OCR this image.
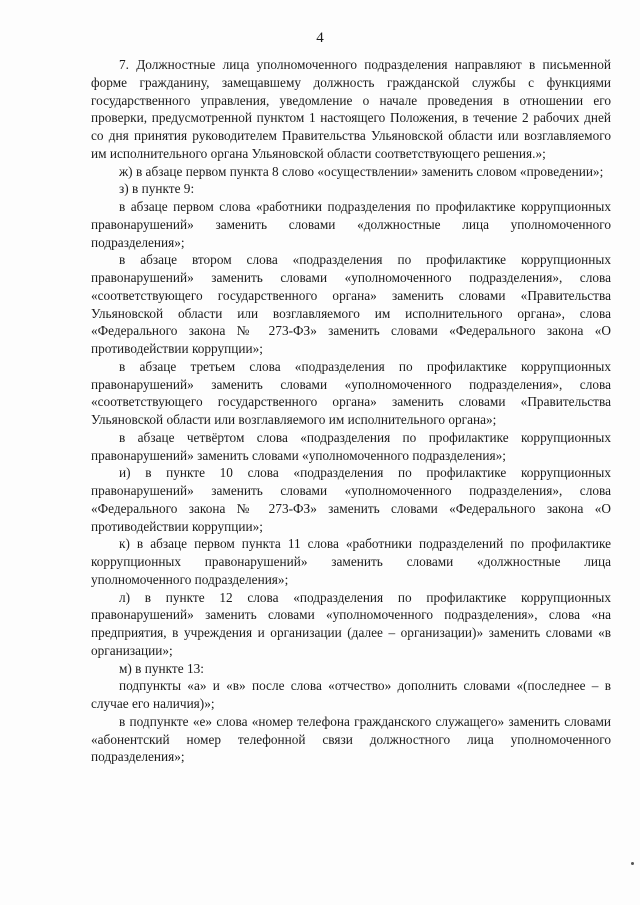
4

7. Должностные лица уполномоченного подразделения направляют в письменной форме гражданину, замещавшему должность гражданской службы с функциями государственного управления, уведомление о начале проведения в отношении его проверки, предусмотренной пунктом 1 настоящего Положения, в течение 2 рабочих дней со дня принятия руководителем Правительства Ульяновской области или возглавляемого им исполнительного органа Ульяновской области соответствующего решения.»;

ж) в абзаце первом пункта 8 слово «осуществлении» заменить словом «проведении»;

з) в пункте 9:

в абзаце первом слова «работники подразделения по профилактике коррупционных правонарушений» заменить словами «должностные лица уполномоченного подразделения»;

в абзаце втором слова «подразделения по профилактике коррупционных правонарушений» заменить словами «уполномоченного подразделения», слова «соответствующего государственного органа» заменить словами «Правительства Ульяновской области или возглавляемого им исполнительного органа», слова «Федерального закона № 273-ФЗ» заменить словами «Федерального закона «О противодействии коррупции»;

в абзаце третьем слова «подразделения по профилактике коррупционных правонарушений» заменить словами «уполномоченного подразделения», слова «соответствующего государственного органа» заменить словами «Правительства Ульяновской области или возглавляемого им исполнительного органа»;

в абзаце четвёртом слова «подразделения по профилактике коррупционных правонарушений» заменить словами «уполномоченного подразделения»;

и) в пункте 10 слова «подразделения по профилактике коррупционных правонарушений» заменить словами «уполномоченного подразделения», слова «Федерального закона № 273-ФЗ» заменить словами «Федерального закона «О противодействии коррупции»;

к) в абзаце первом пункта 11 слова «работники подразделений по профилактике коррупционных правонарушений» заменить словами «должностные лица уполномоченного подразделения»;

л) в пункте 12 слова «подразделения по профилактике коррупционных правонарушений» заменить словами «уполномоченного подразделения», слова «на предприятия, в учреждения и организации (далее – организации)» заменить словами «в организации»;

м) в пункте 13:

подпункты «а» и «в» после слова «отчество» дополнить словами «(последнее – в случае его наличия)»;

в подпункте «е» слова «номер телефона гражданского служащего» заменить словами «абонентский номер телефонной связи должностного лица уполномоченного подразделения»;
